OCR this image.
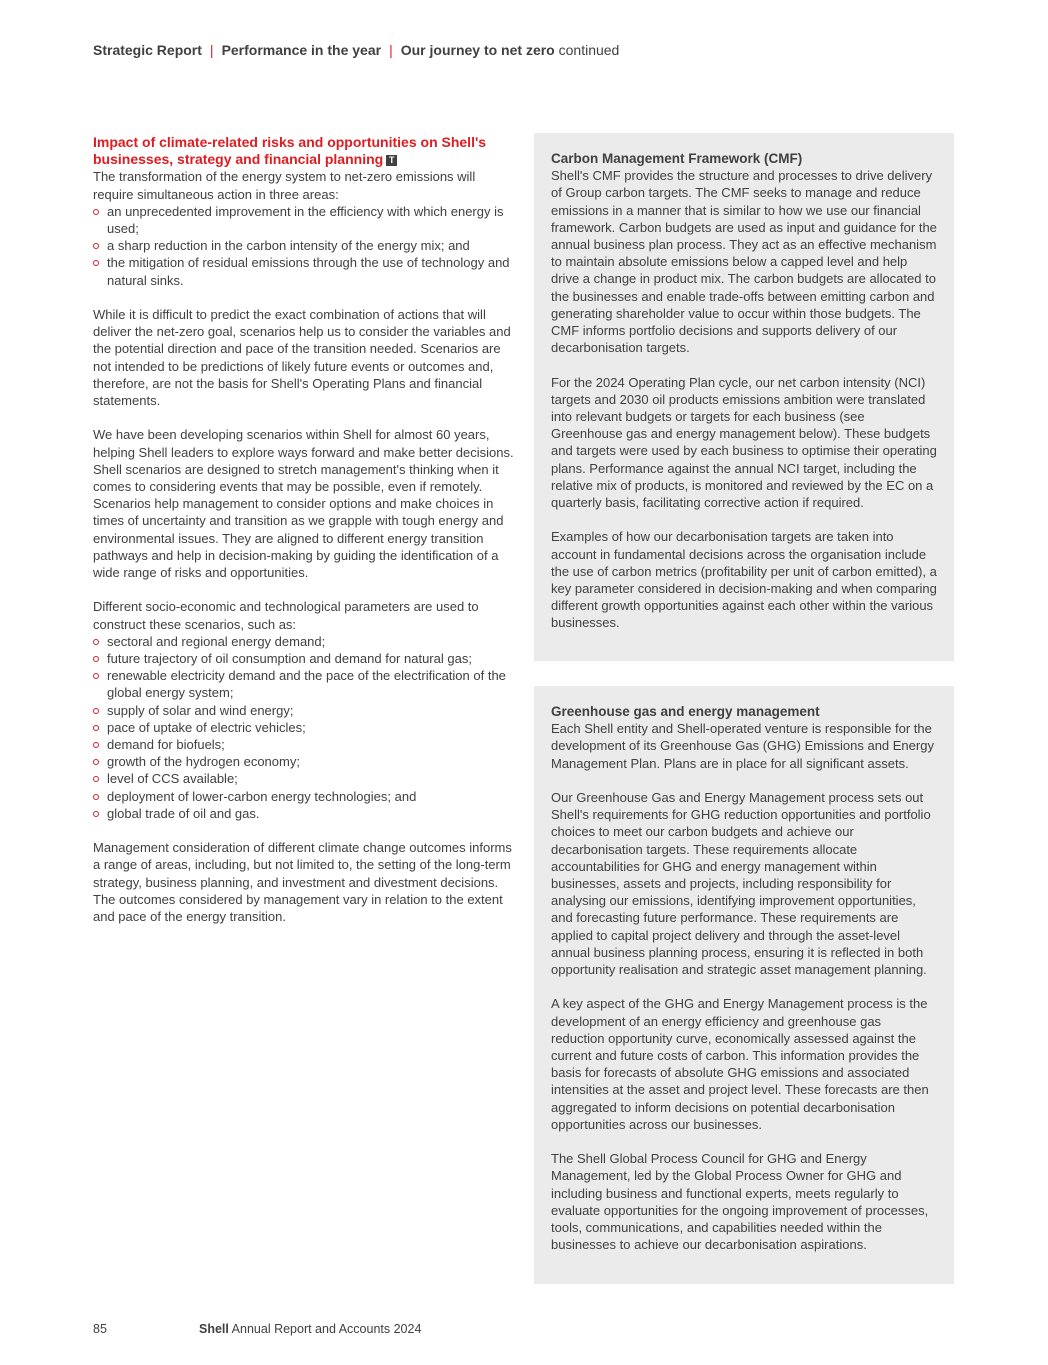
Strategic Report | Performance in the year | Our journey to net zero continued
Impact of climate-related risks and opportunities on Shell's businesses, strategy and financial planning T

The transformation of the energy system to net-zero emissions will require simultaneous action in three areas:

an unprecedented improvement in the efficiency with which energy is used;
a sharp reduction in the carbon intensity of the energy mix; and
the mitigation of residual emissions through the use of technology and natural sinks.

While it is difficult to predict the exact combination of actions that will deliver the net-zero goal, scenarios help us to consider the variables and the potential direction and pace of the transition needed. Scenarios are not intended to be predictions of likely future events or outcomes and, therefore, are not the basis for Shell's Operating Plans and financial statements.

We have been developing scenarios within Shell for almost 60 years, helping Shell leaders to explore ways forward and make better decisions. Shell scenarios are designed to stretch management's thinking when it comes to considering events that may be possible, even if remotely. Scenarios help management to consider options and make choices in times of uncertainty and transition as we grapple with tough energy and environmental issues. They are aligned to different energy transition pathways and help in decision-making by guiding the identification of a wide range of risks and opportunities.

Different socio-economic and technological parameters are used to construct these scenarios, such as:

sectoral and regional energy demand;
future trajectory of oil consumption and demand for natural gas;
renewable electricity demand and the pace of the electrification of the global energy system;
supply of solar and wind energy;
pace of uptake of electric vehicles;
demand for biofuels;
growth of the hydrogen economy;
level of CCS available;
deployment of lower-carbon energy technologies; and
global trade of oil and gas.

Management consideration of different climate change outcomes informs a range of areas, including, but not limited to, the setting of the long-term strategy, business planning, and investment and divestment decisions. The outcomes considered by management vary in relation to the extent and pace of the energy transition.

Carbon Management Framework (CMF)

Shell's CMF provides the structure and processes to drive delivery of Group carbon targets. The CMF seeks to manage and reduce emissions in a manner that is similar to how we use our financial framework. Carbon budgets are used as input and guidance for the annual business plan process. They act as an effective mechanism to maintain absolute emissions below a capped level and help drive a change in product mix. The carbon budgets are allocated to the businesses and enable trade-offs between emitting carbon and generating shareholder value to occur within those budgets. The CMF informs portfolio decisions and supports delivery of our decarbonisation targets.

For the 2024 Operating Plan cycle, our net carbon intensity (NCI) targets and 2030 oil products emissions ambition were translated into relevant budgets or targets for each business (see Greenhouse gas and energy management below). These budgets and targets were used by each business to optimise their operating plans. Performance against the annual NCI target, including the relative mix of products, is monitored and reviewed by the EC on a quarterly basis, facilitating corrective action if required.

Examples of how our decarbonisation targets are taken into account in fundamental decisions across the organisation include the use of carbon metrics (profitability per unit of carbon emitted), a key parameter considered in decision-making and when comparing different growth opportunities against each other within the various businesses.

Greenhouse gas and energy management

Each Shell entity and Shell-operated venture is responsible for the development of its Greenhouse Gas (GHG) Emissions and Energy Management Plan. Plans are in place for all significant assets.

Our Greenhouse Gas and Energy Management process sets out Shell's requirements for GHG reduction opportunities and portfolio choices to meet our carbon budgets and achieve our decarbonisation targets. These requirements allocate accountabilities for GHG and energy management within businesses, assets and projects, including responsibility for analysing our emissions, identifying improvement opportunities, and forecasting future performance. These requirements are applied to capital project delivery and through the asset-level annual business planning process, ensuring it is reflected in both opportunity realisation and strategic asset management planning.

A key aspect of the GHG and Energy Management process is the development of an energy efficiency and greenhouse gas reduction opportunity curve, economically assessed against the current and future costs of carbon. This information provides the basis for forecasts of absolute GHG emissions and associated intensities at the asset and project level. These forecasts are then aggregated to inform decisions on potential decarbonisation opportunities across our businesses.

The Shell Global Process Council for GHG and Energy Management, led by the Global Process Owner for GHG and including business and functional experts, meets regularly to evaluate opportunities for the ongoing improvement of processes, tools, communications, and capabilities needed within the businesses to achieve our decarbonisation aspirations.

85	Shell Annual Report and Accounts 2024
